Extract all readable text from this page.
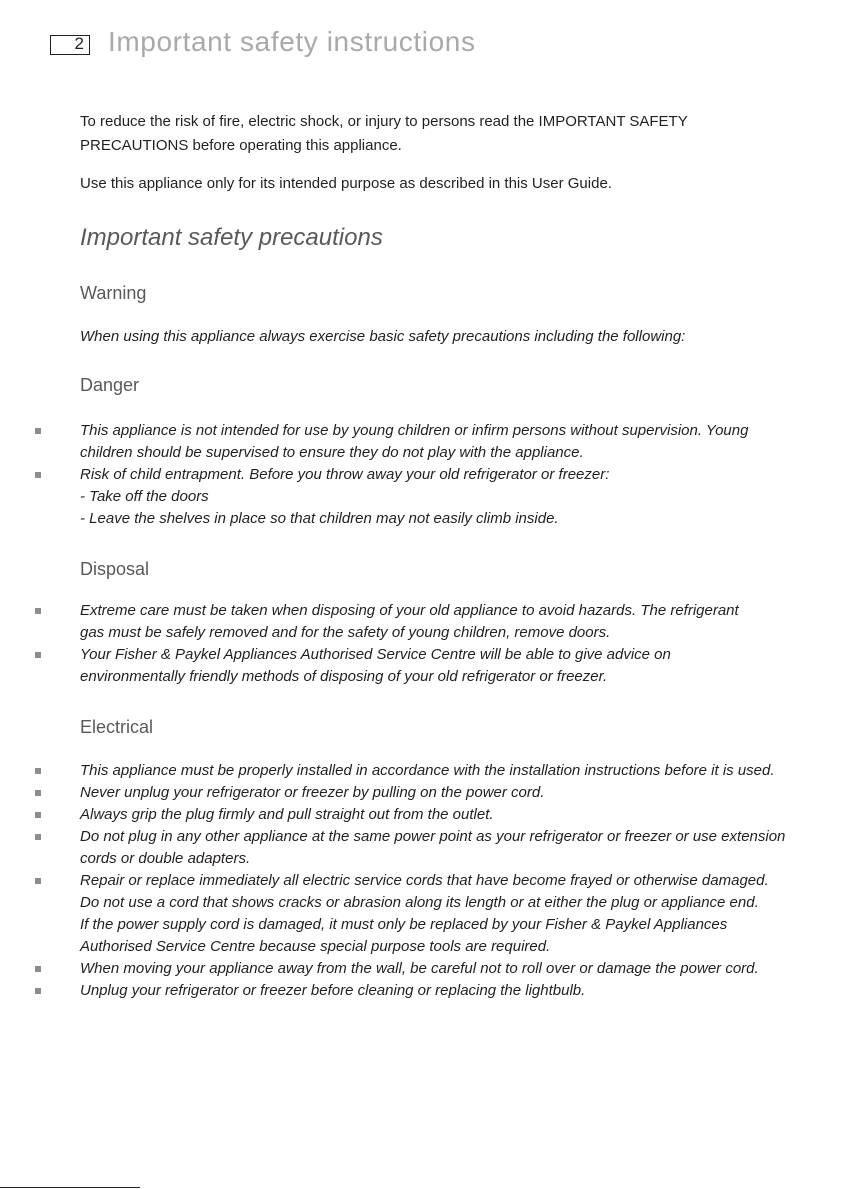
2 Important safety instructions

To reduce the risk of fire, electric shock, or injury to persons read the IMPORTANT SAFETY PRECAUTIONS before operating this appliance.

Use this appliance only for its intended purpose as described in this User Guide.

Important safety precautions
Warning

When using this appliance always exercise basic safety precautions including the following:

Danger
This appliance is not intended for use by young children or infirm persons without supervision. Young children should be supervised to ensure they do not play with the appliance.
Risk of child entrapment. Before you throw away your old refrigerator or freezer:
- Take off the doors
- Leave the shelves in place so that children may not easily climb inside.
Disposal
Extreme care must be taken when disposing of your old appliance to avoid hazards. The refrigerant gas must be safely removed and for the safety of young children, remove doors.
Your Fisher & Paykel Appliances Authorised Service Centre will be able to give advice on environmentally friendly methods of disposing of your old refrigerator or freezer.
Electrical
This appliance must be properly installed in accordance with the installation instructions before it is used.
Never unplug your refrigerator or freezer by pulling on the power cord.
Always grip the plug firmly and pull straight out from the outlet.
Do not plug in any other appliance at the same power point as your refrigerator or freezer or use extension cords or double adapters.
Repair or replace immediately all electric service cords that have become frayed or otherwise damaged. Do not use a cord that shows cracks or abrasion along its length or at either the plug or appliance end.
If the power supply cord is damaged, it must only be replaced by your Fisher & Paykel Appliances Authorised Service Centre because special purpose tools are required.
When moving your appliance away from the wall, be careful not to roll over or damage the power cord.
Unplug your refrigerator or freezer before cleaning or replacing the lightbulb.
